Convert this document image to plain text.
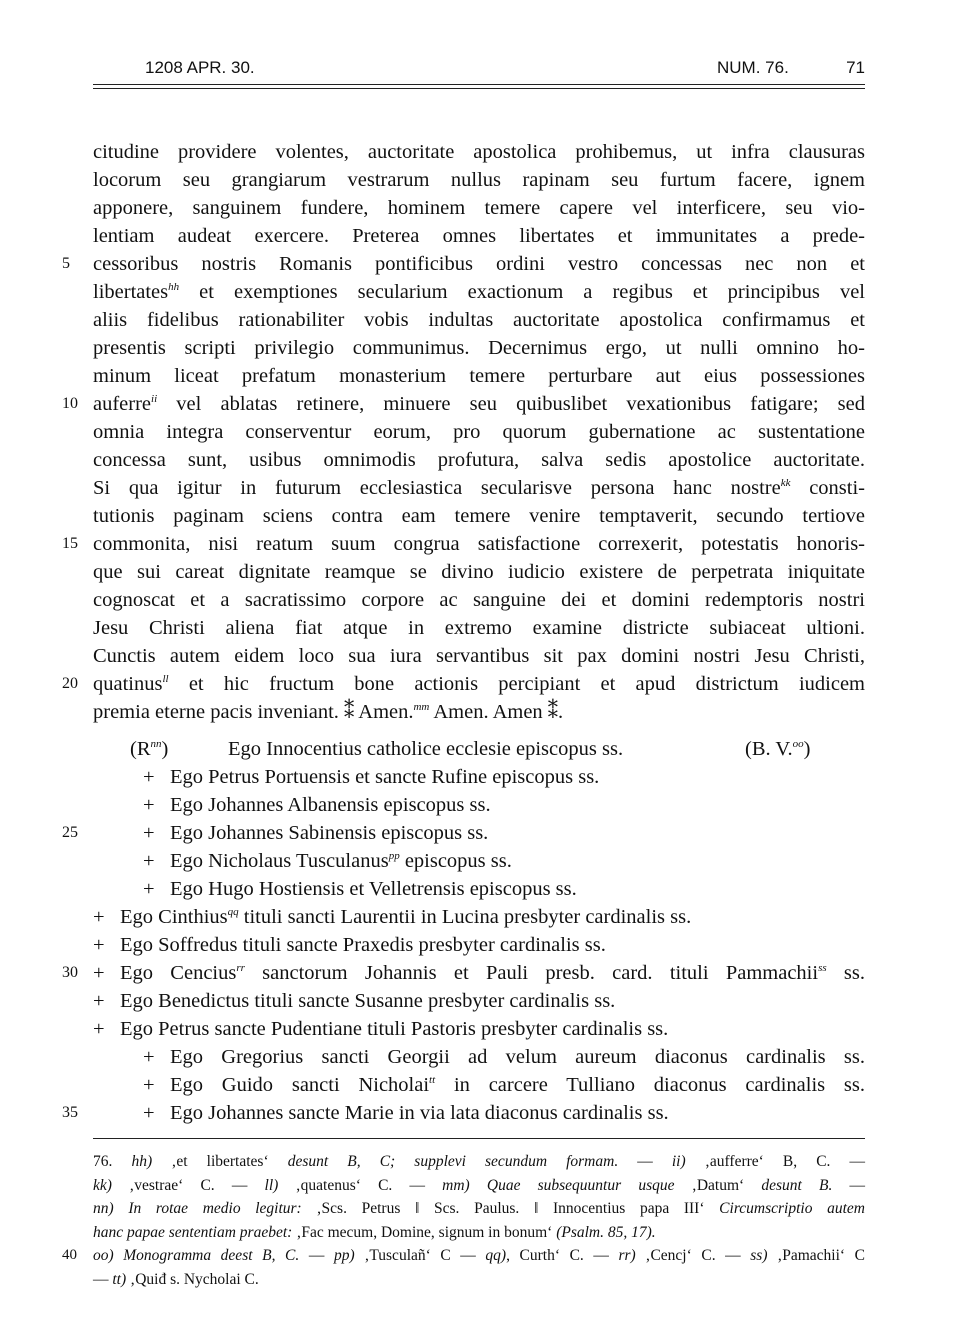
1208 APR. 30.	NUM. 76.	71
citudine providere volentes, auctoritate apostolica prohibemus, ut infra clausuras
locorum seu grangiarum vestrarum nullus rapinam seu furtum facere, ignem
apponere, sanguinem fundere, hominem temere capere vel interficere, seu vio-
lentiam audeat exercere. Preterea omnes libertates et immunitates a prede-
cessoribus nostris Romanis pontificibus ordini vestro concessas nec non et
libertates$^{hh}$ et exemptiones secularium exactionum a regibus et principibus vel
aliis fidelibus rationabiliter vobis indultas auctoritate apostolica confirmamus et
presentis scripti privilegio communimus. Decernimus ergo, ut nulli omnino ho-
minum liceat prefatum monasterium temere perturbare aut eius possessiones
auferre$^{ii}$ vel ablatas retinere, minuere seu quibuslibet vexationibus fatigare; sed
omnia integra conserventur eorum, pro quorum gubernatione ac sustentatione
concessa sunt, usibus omnimodis profutura, salva sedis apostolice auctoritate.
Si qua igitur in futurum ecclesiastica secularisve persona hanc nostre$^{kk}$ consti-
tutionis paginam sciens contra eam temere venire temptaverit, secundo tertiove
commonita, nisi reatum suum congrua satisfactione correxerit, potestatis honoris-
que sui careat dignitate reamque se divino iudicio existere de perpetrata iniquitate
cognoscat et a sacratissimo corpore ac sanguine dei et domini redemptoris nostri
Jesu Christi aliena fiat atque in extremo examine districte subiaceat ultioni.
Cunctis autem eidem loco sua iura servantibus sit pax domini nostri Jesu Christi,
quatinus$^{ll}$ et hic fructum bone actionis percipiant et apud districtum iudicem
premia eterne pacis inveniant. ⁑ Amen.$^{mm}$ Amen. Amen ⁑.
5
10
15
20
25
30
35
40
$(R^{nn})$	Ego Innocentius catholice ecclesie episcopus ss.	(B. V.$^{oo}$)
+ Ego Petrus Portuensis et sancte Rufine episcopus ss.
+ Ego Johannes Albanensis episcopus ss.
+ Ego Johannes Sabinensis episcopus ss.
+ Ego Nicholaus Tusculanus$^{pp}$ episcopus ss.
+ Ego Hugo Hostiensis et Velletrensis episcopus ss.
+ Ego Cinthius$^{qq}$ tituli sancti Laurentii in Lucina presbyter cardinalis ss.
+ Ego Soffredus tituli sancte Praxedis presbyter cardinalis ss.
+ Ego Cencius$^{rr}$ sanctorum Johannis et Pauli presb. card. tituli Pammachii$^{ss}$ ss.
+ Ego Benedictus tituli sancte Susanne presbyter cardinalis ss.
+ Ego Petrus sancte Pudentiane tituli Pastoris presbyter cardinalis ss.
+ Ego Gregorius sancti Georgii ad velum aureum diaconus cardinalis ss.
+ Ego Guido sancti Nicholai$^{tt}$ in carcere Tulliano diaconus cardinalis ss.
+ Ego Johannes sancte Marie in via lata diaconus cardinalis ss.
76. hh) ‚et libertates‘ desunt B, C; supplevi secundum formam. — ii) ‚aufferre‘ B, C. —
kk) ‚vestrae‘ C. — ll) ‚quatenus‘ C. — mm) Quae subsequuntur usque ‚Datum‘ desunt B. —
nn) In rotae medio legitur: ‚Scs. Petrus ‖ Scs. Paulus. ‖ Innocentius papa III‘ Circumscriptio autem
hanc papae sententiam praebet: ‚Fac mecum, Domine, signum in bonum‘ (Psalm. 85, 17).
oo) Monogramma deest B, C. — pp) ‚Tusculañ‘ C — qq), Curth‘ C. — rr) ‚Cencj‘ C. — ss) ‚Pamachii‘ C
— tt) ‚Quiđ s. Nycholai C.
